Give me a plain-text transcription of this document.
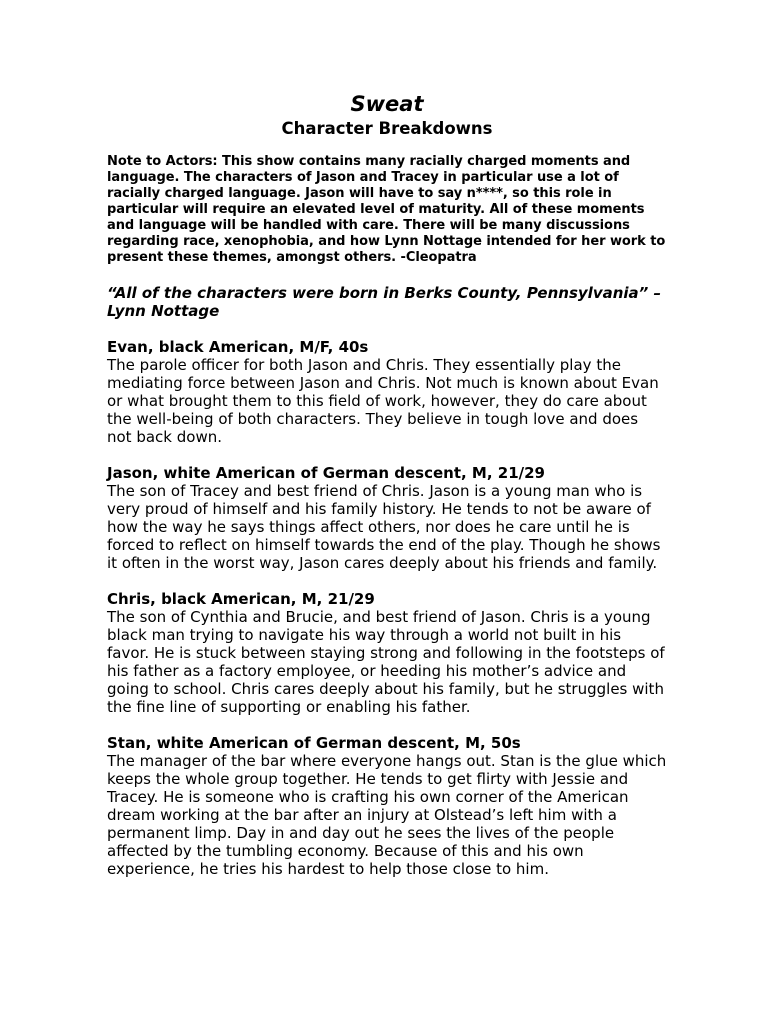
Sweat
Character Breakdowns

Note to Actors: This show contains many racially charged moments and language. The characters of Jason and Tracey in particular use a lot of racially charged language. Jason will have to say n****, so this role in particular will require an elevated level of maturity. All of these moments and language will be handled with care. There will be many discussions regarding race, xenophobia, and how Lynn Nottage intended for her work to present these themes, amongst others. -Cleopatra

“All of the characters were born in Berks County, Pennsylvania” – Lynn Nottage

Evan, black American, M/F, 40s

The parole officer for both Jason and Chris. They essentially play the mediating force between Jason and Chris. Not much is known about Evan or what brought them to this field of work, however, they do care about the well-being of both characters. They believe in tough love and does not back down.

Jason, white American of German descent, M, 21/29

The son of Tracey and best friend of Chris. Jason is a young man who is very proud of himself and his family history. He tends to not be aware of how the way he says things affect others, nor does he care until he is forced to reflect on himself towards the end of the play. Though he shows it often in the worst way, Jason cares deeply about his friends and family.

Chris, black American, M, 21/29

The son of Cynthia and Brucie, and best friend of Jason. Chris is a young black man trying to navigate his way through a world not built in his favor. He is stuck between staying strong and following in the footsteps of his father as a factory employee, or heeding his mother’s advice and going to school. Chris cares deeply about his family, but he struggles with the fine line of supporting or enabling his father.

Stan, white American of German descent, M, 50s

The manager of the bar where everyone hangs out. Stan is the glue which keeps the whole group together. He tends to get flirty with Jessie and Tracey. He is someone who is crafting his own corner of the American dream working at the bar after an injury at Olstead’s left him with a permanent limp. Day in and day out he sees the lives of the people affected by the tumbling economy. Because of this and his own experience, he tries his hardest to help those close to him.
